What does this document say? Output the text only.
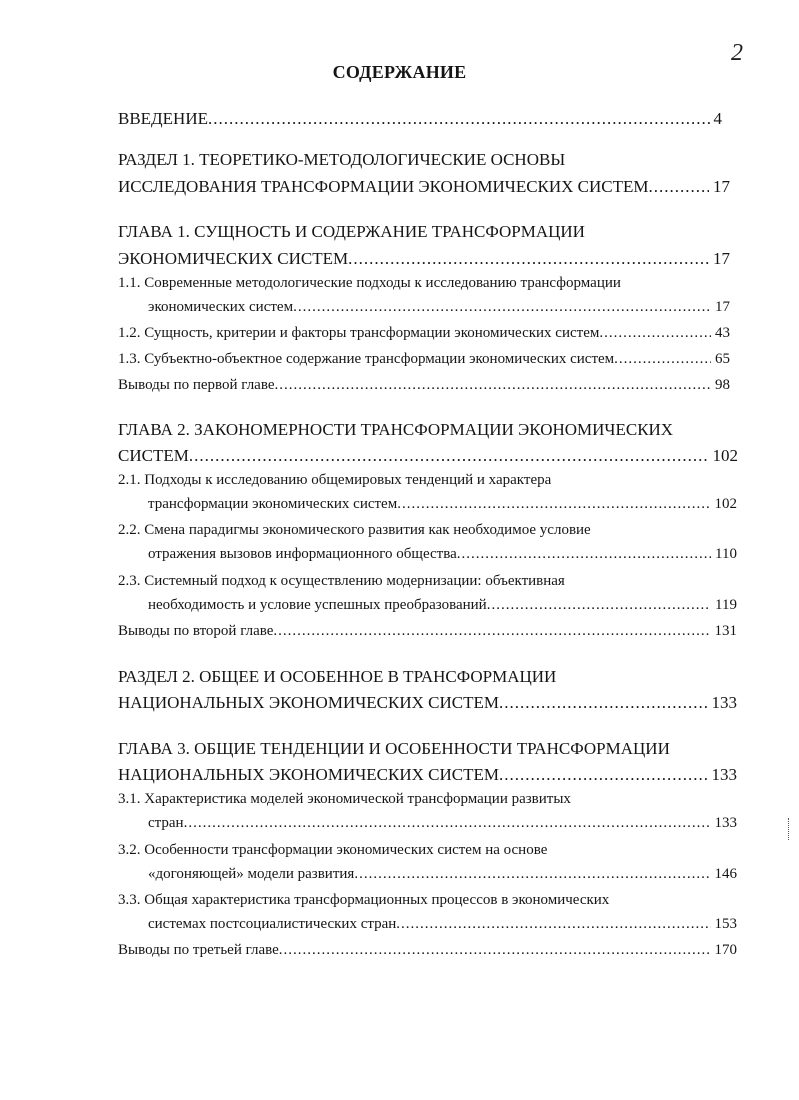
2
СОДЕРЖАНИЕ
ВВЕДЕНИЕ .....	4
РАЗДЕЛ 1. ТЕОРЕТИКО-МЕТОДОЛОГИЧЕСКИЕ ОСНОВЫ
ИССЛЕДОВАНИЯ ТРАНСФОРМАЦИИ ЭКОНОМИЧЕСКИХ СИСТЕМ .....	17
ГЛАВА 1. СУЩНОСТЬ И СОДЕРЖАНИЕ ТРАНСФОРМАЦИИ
ЭКОНОМИЧЕСКИХ СИСТЕМ .....	17
1.1. Современные методологические подходы к исследованию трансформации
экономических систем .....	17
1.2. Сущность, критерии и факторы трансформации экономических систем .....	43
1.3. Субъектно-объектное содержание трансформации экономических систем .....	65
Выводы по первой главе .....	98
ГЛАВА 2. ЗАКОНОМЕРНОСТИ ТРАНСФОРМАЦИИ ЭКОНОМИЧЕСКИХ
СИСТЕМ .....	102
2.1. Подходы к исследованию общемировых тенденций и характера
трансформации экономических систем .....	102
2.2. Смена парадигмы экономического развития как необходимое условие
отражения вызовов информационного общества .....	110
2.3. Системный подход к осуществлению модернизации: объективная
необходимость и условие успешных преобразований .....	119
Выводы по второй главе .....	131
РАЗДЕЛ 2. ОБЩЕЕ И ОСОБЕННОЕ В ТРАНСФОРМАЦИИ
НАЦИОНАЛЬНЫХ ЭКОНОМИЧЕСКИХ СИСТЕМ .....	133
ГЛАВА 3. ОБЩИЕ ТЕНДЕНЦИИ И ОСОБЕННОСТИ ТРАНСФОРМАЦИИ
НАЦИОНАЛЬНЫХ ЭКОНОМИЧЕСКИХ СИСТЕМ .....	133
3.1. Характеристика моделей экономической трансформации развитых
стран .....	133
3.2. Особенности трансформации экономических систем на основе
«догоняющей» модели развития .....	146
3.3. Общая характеристика трансформационных процессов в экономических
системах постсоциалистических стран .....	153
Выводы по третьей главе .....	170
